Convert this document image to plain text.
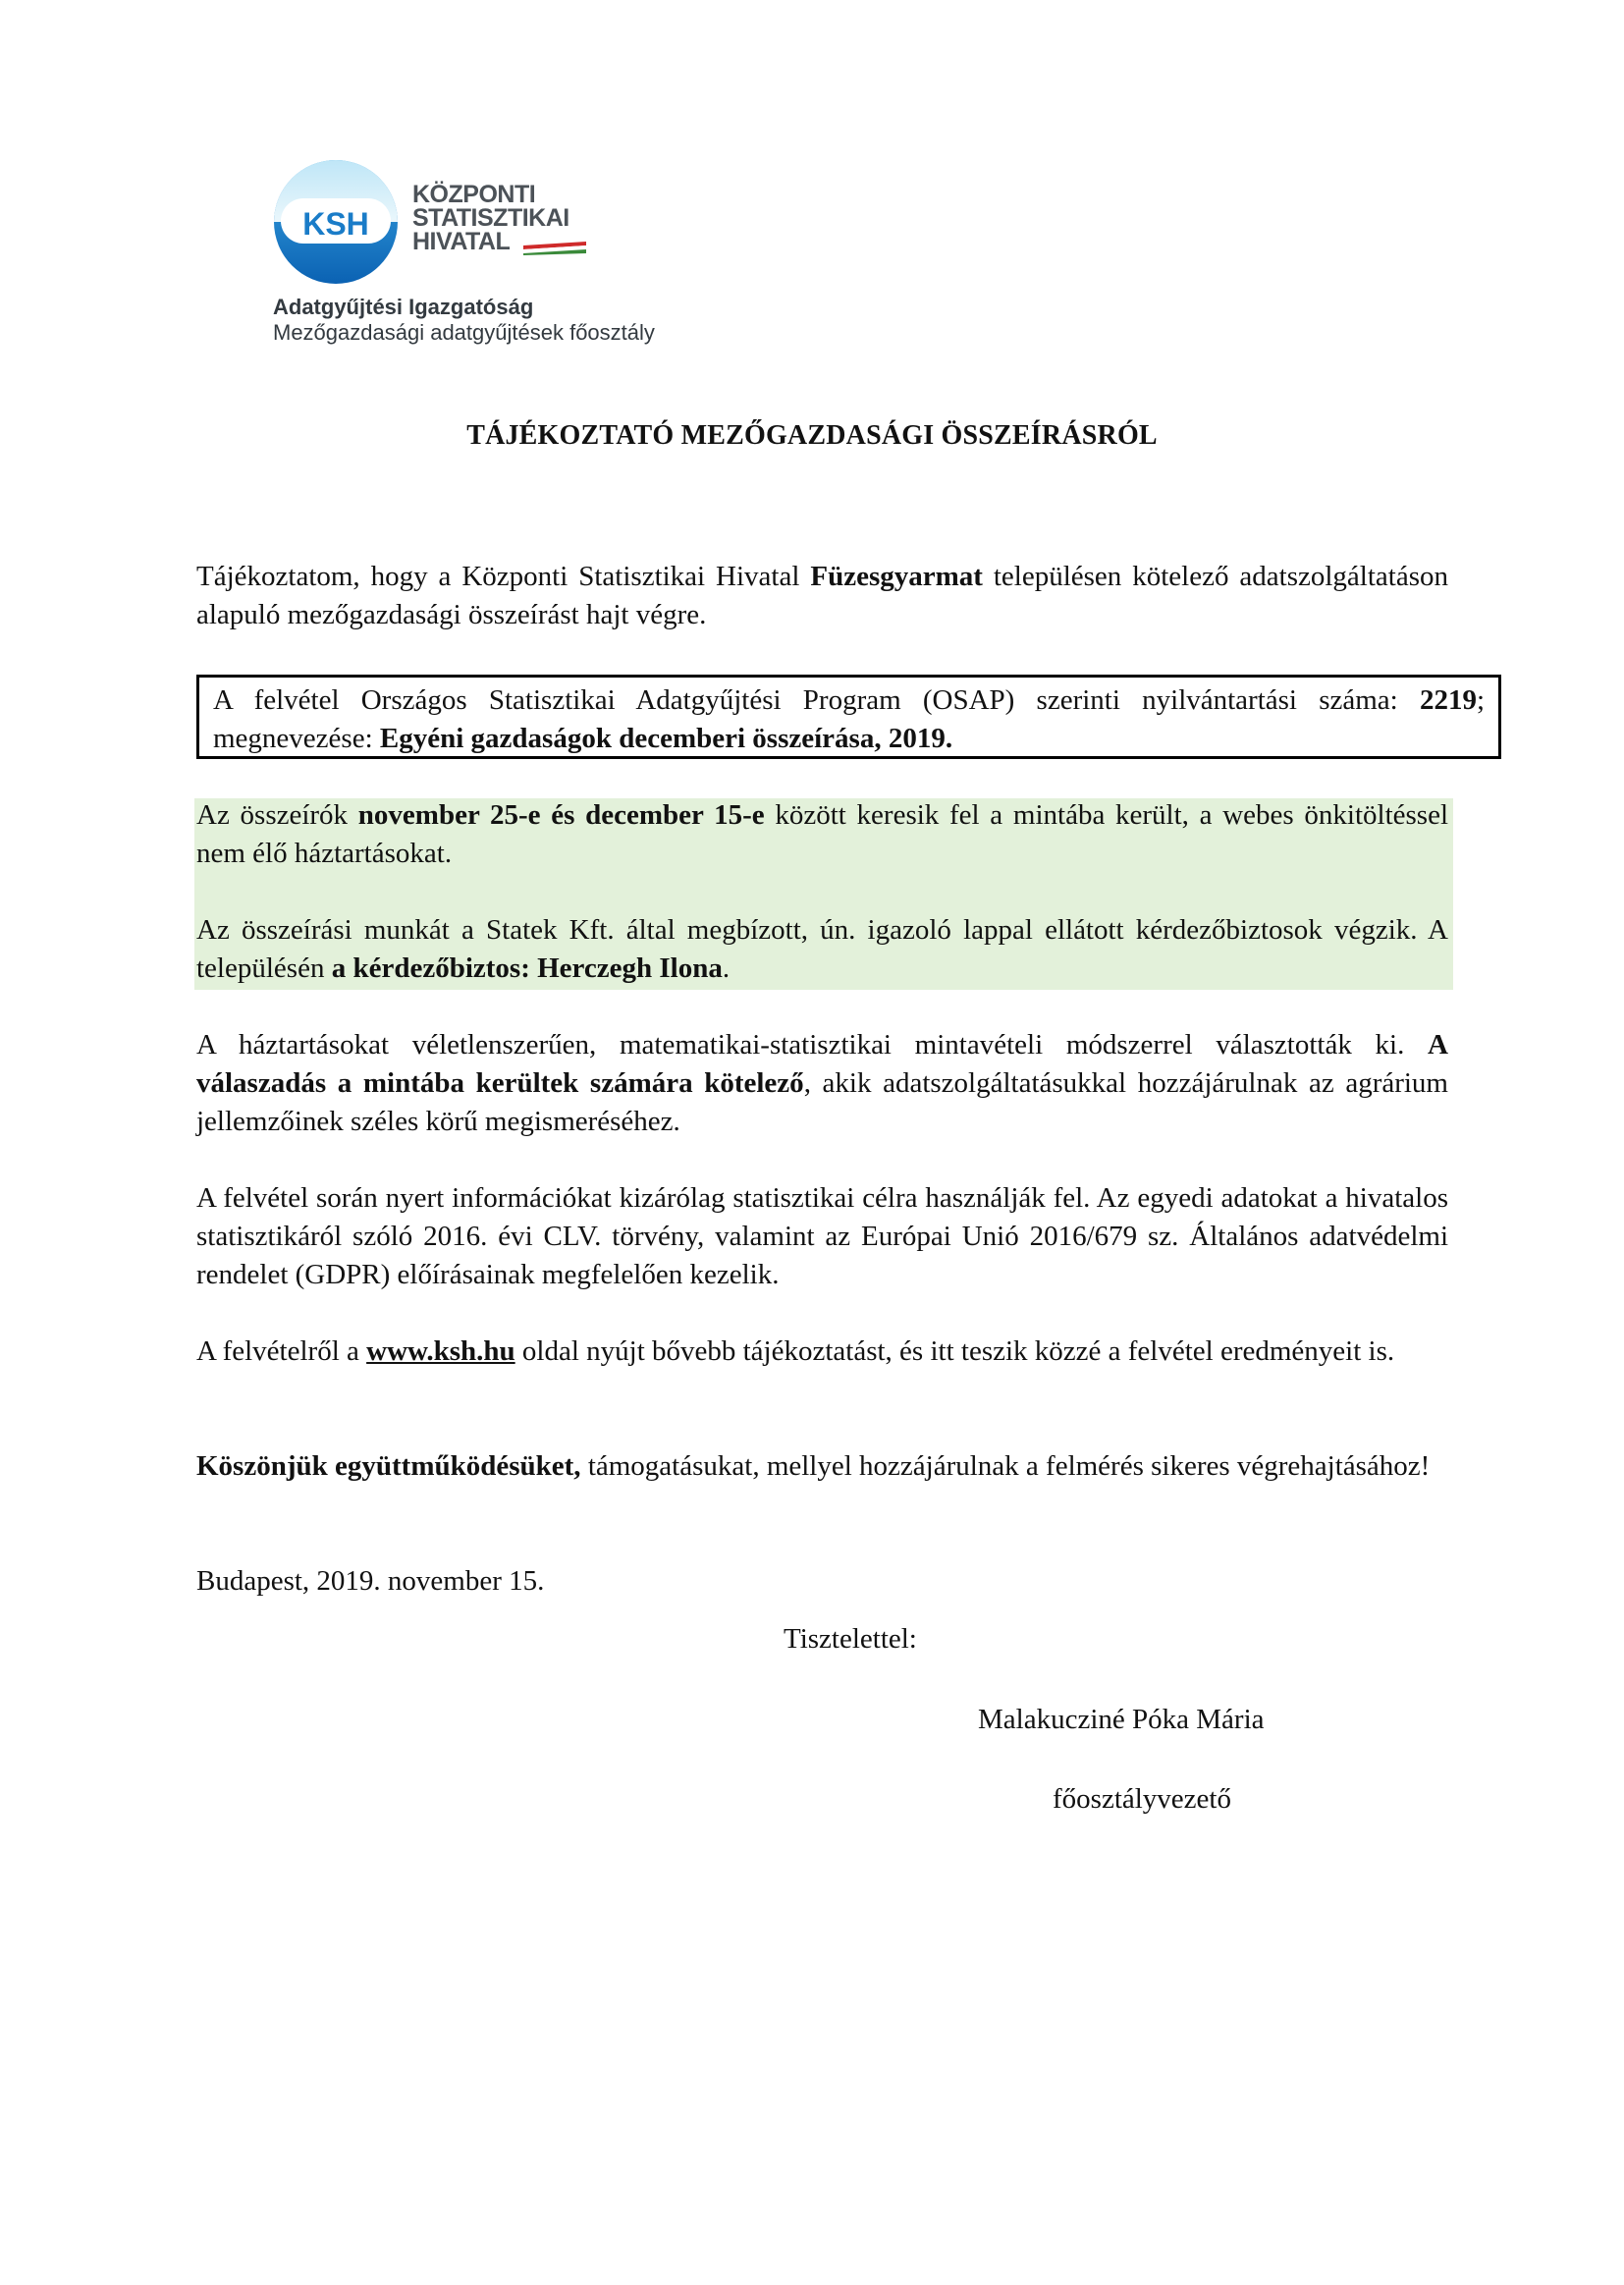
KSH
KÖZPONTI
STATISZTIKAI
HIVATAL
Adatgyűjtési Igazgatóság
Mezőgazdasági adatgyűjtések főosztály
TÁJÉKOZTATÓ MEZŐGAZDASÁGI ÖSSZEÍRÁSRÓL
Tájékoztatom, hogy a Központi Statisztikai Hivatal Füzesgyarmat településen kötelező adatszolgáltatáson alapuló mezőgazdasági összeírást hajt végre.
A felvétel Országos Statisztikai Adatgyűjtési Program (OSAP) szerinti nyilvántartási száma: 2219; megnevezése: Egyéni gazdaságok decemberi összeírása, 2019.
Az összeírók november 25-e és december 15-e között keresik fel a mintába került, a webes önkitöltéssel nem élő háztartásokat.
Az összeírási munkát a Statek Kft. által megbízott, ún. igazoló lappal ellátott kérdezőbiztosok végzik. A településén a kérdezőbiztos: Herczegh Ilona.
A háztartásokat véletlenszerűen, matematikai-statisztikai mintavételi módszerrel választották ki. A válaszadás a mintába kerültek számára kötelező, akik adatszolgáltatásukkal hozzájárulnak az agrárium jellemzőinek széles körű megismeréséhez.
A felvétel során nyert információkat kizárólag statisztikai célra használják fel. Az egyedi adatokat a hivatalos statisztikáról szóló 2016. évi CLV. törvény, valamint az Európai Unió 2016/679 sz. Általános adatvédelmi rendelet (GDPR) előírásainak megfelelően kezelik.
A felvételről a www.ksh.hu oldal nyújt bővebb tájékoztatást, és itt teszik közzé a felvétel eredményeit is.
Köszönjük együttműködésüket, támogatásukat, mellyel hozzájárulnak a felmérés sikeres végrehajtásához!
Budapest, 2019. november 15.
Tisztelettel:
Malakucziné Póka Mária
főosztályvezető
